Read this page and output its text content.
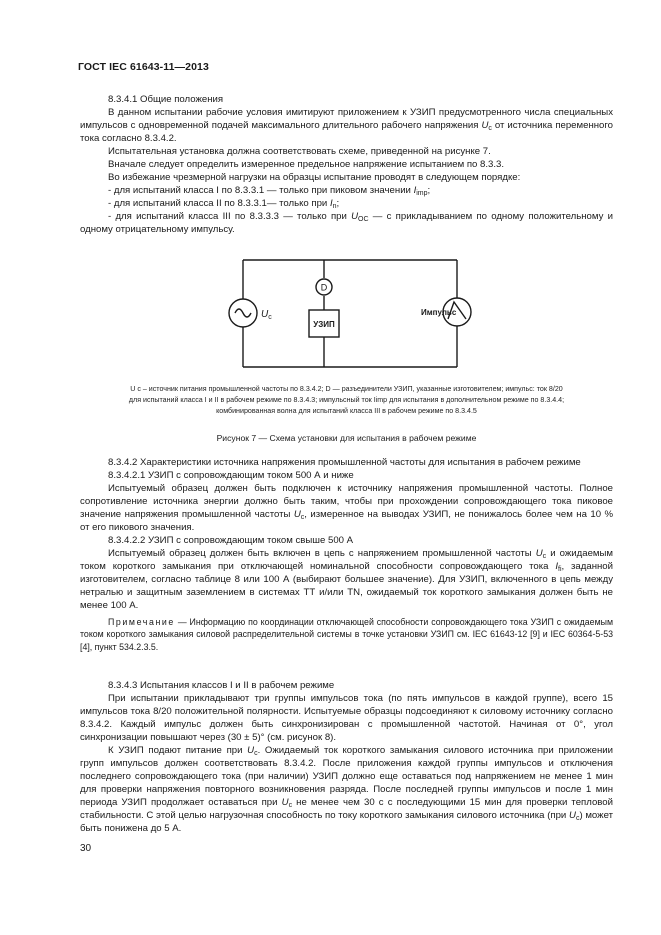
ГОСТ IEC 61643-11—2013

8.3.4.1 Общие положения

В данном испытании рабочие условия имитируют приложением к УЗИП предусмотренного числа специальных импульсов с одновременной подачей максимального длительного рабочего напряжения $U_c$ от источника переменного тока согласно 8.3.4.2.

Испытательная установка должна соответствовать схеме, приведенной на рисунке 7.

Вначале следует определить измеренное предельное напряжение испытанием по 8.3.3.

Во избежание чрезмерной нагрузки на образцы испытание проводят в следующем порядке:

- для испытаний класса I по 8.3.3.1 — только при пиковом значении $I_{imp}$;

- для испытаний класса II по 8.3.3.1— только при $I_n$;

- для испытаний класса III по 8.3.3.3 — только при $U_{OC}$ — с прикладыванием по одному положительному и одному отрицательному импульсу.

D
УЗИП
$U_c$
Импульс
U c – источник питания промышленной частоты по 8.3.4.2; D — разъединители УЗИП, указанные изготовителем; импульс: ток 8/20
для испытаний класса I и II в рабочем режиме по 8.3.4.3; импульсный ток Iimp для испытания в дополнительном режиме по 8.3.4.4;
комбинированная волна для испытаний класса III в рабочем режиме по 8.3.4.5
Рисунок 7 — Схема установки для испытания в рабочем режиме

8.3.4.2 Характеристики источника напряжения промышленной частоты для испытания в рабочем режиме

8.3.4.2.1 УЗИП с сопровождающим током 500 А и ниже

Испытуемый образец должен быть подключен к источнику напряжения промышленной частоты. Полное сопротивление источника энергии должно быть таким, чтобы при прохождении сопровождающего тока пиковое значение напряжения промышленной частоты $U_c$, измеренное на выводах УЗИП, не понижалось более чем на 10 % от его пикового значения.

8.3.4.2.2 УЗИП с сопровождающим током свыше 500 А

Испытуемый образец должен быть включен в цепь с напряжением промышленной частоты $U_c$ и ожидаемым током короткого замыкания при отключающей номинальной способности сопровождающего тока $I_{fi}$, заданной изготовителем, согласно таблице 8 или 100 А (выбирают большее значение). Для УЗИП, включенного в цепь между нетралью и защитным заземлением в системах ТТ и/или TN, ожидаемый ток короткого замыкания должен быть не менее 100 А.

Примечание — Информацию по координации отключающей способности сопровождающего тока УЗИП с ожидаемым током короткого замыкания силовой распределительной системы в точке установки УЗИП см. IEC 61643-12 [9] и IEC 60364-5-53 [4], пункт 534.2.3.5.

8.3.4.3 Испытания классов I и II в рабочем режиме

При испытании прикладывают три группы импульсов тока (по пять импульсов в каждой группе), всего 15 импульсов тока 8/20 положительной полярности. Испытуемые образцы подсоединяют к силовому источнику согласно 8.3.4.2. Каждый импульс должен быть синхронизирован с промышленной частотой. Начиная от 0°, угол синхронизации повышают через (30 ± 5)° (см. рисунок 8).

К УЗИП подают питание при $U_c$. Ожидаемый ток короткого замыкания силового источника при приложении групп импульсов должен соответствовать 8.3.4.2. После приложения каждой группы импульсов и отключения последнего сопровождающего тока (при наличии) УЗИП должно еще оставаться под напряжением не менее 1 мин для проверки напряжения повторного возникновения разряда. После последней группы импульсов и после 1 мин периода УЗИП продолжает оставаться при $U_c$ не менее чем 30 с с последующими 15 мин для проверки тепловой стабильности. С этой целью нагрузочная способность по току короткого замыкания силового источника (при $U_c$) может быть понижена до 5 А.

30
